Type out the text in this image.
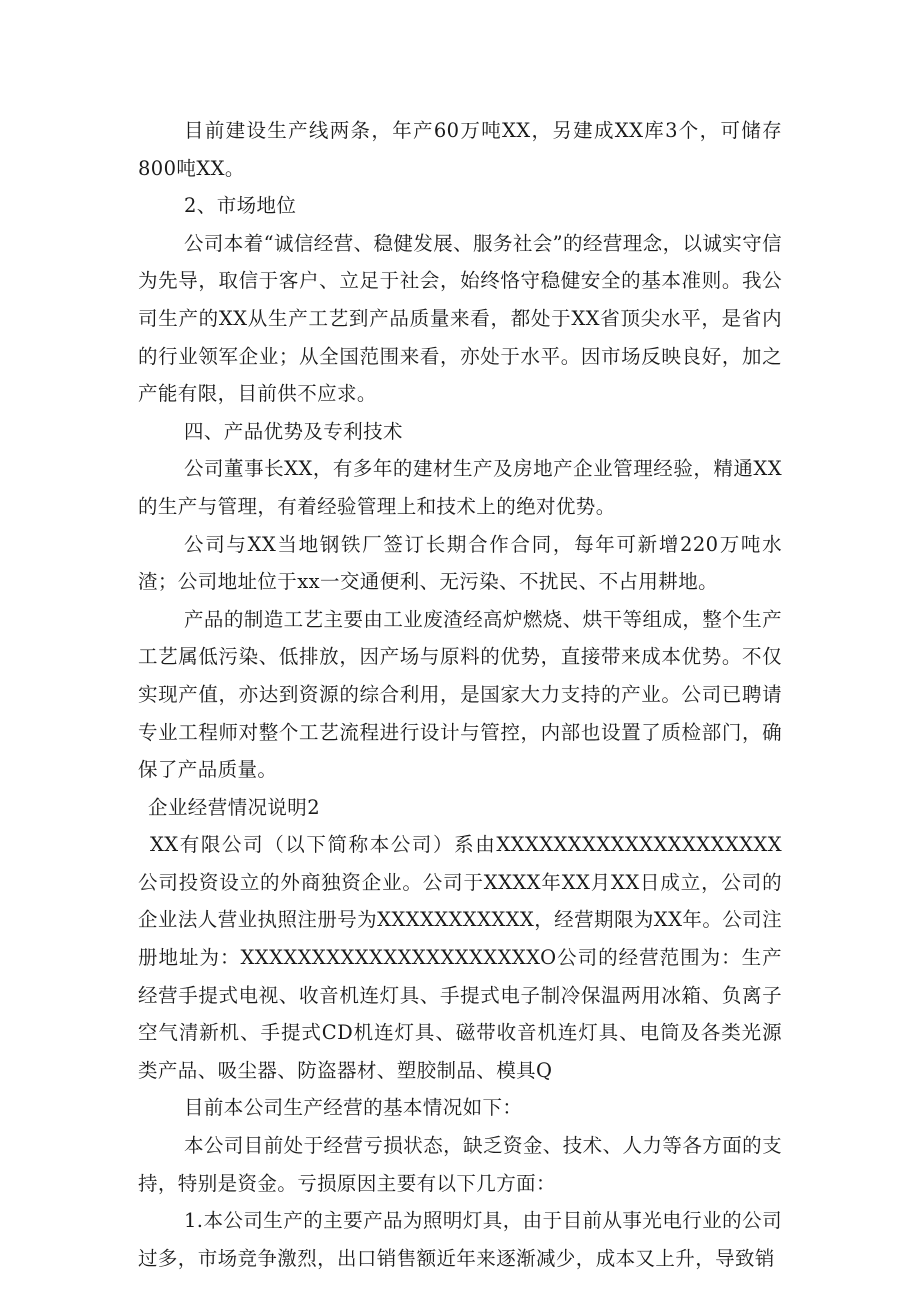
目前建设生产线两条，年产60万吨XX，另建成XX库3个，可储存800吨XX。

2、市场地位

公司本着“诚信经营、稳健发展、服务社会”的经营理念，以诚实守信为先导，取信于客户、立足于社会，始终恪守稳健安全的基本准则。我公司生产的XX从生产工艺到产品质量来看，都处于XX省顶尖水平，是省内的行业领军企业；从全国范围来看，亦处于水平。因市场反映良好，加之产能有限，目前供不应求。

四、产品优势及专利技术

公司董事长XX，有多年的建材生产及房地产企业管理经验，精通XX的生产与管理，有着经验管理上和技术上的绝对优势。

公司与XX当地钢铁厂签订长期合作合同，每年可新增220万吨水渣；公司地址位于xx一交通便利、无污染、不扰民、不占用耕地。

产品的制造工艺主要由工业废渣经高炉燃烧、烘干等组成，整个生产工艺属低污染、低排放，因产场与原料的优势，直接带来成本优势。不仅实现产值，亦达到资源的综合利用，是国家大力支持的产业。公司已聘请专业工程师对整个工艺流程进行设计与管控，内部也设置了质检部门，确保了产品质量。

企业经营情况说明2

XX有限公司（以下简称本公司）系由XXXXXXXXXXXXXXXXXXXX公司投资设立的外商独资企业。公司于XXXX年XX月XX日成立，公司的企业法人营业执照注册号为XXXXXXXXXXX，经营期限为XX年。公司注册地址为：XXXXXXXXXXXXXXXXXXXXXO公司的经营范围为：生产经营手提式电视、收音机连灯具、手提式电子制冷保温两用冰箱、负离子空气清新机、手提式CD机连灯具、磁带收音机连灯具、电筒及各类光源类产品、吸尘器、防盗器材、塑胶制品、模具Q

目前本公司生产经营的基本情况如下：

本公司目前处于经营亏损状态，缺乏资金、技术、人力等各方面的支持，特别是资金。亏损原因主要有以下几方面：

1.本公司生产的主要产品为照明灯具，由于目前从事光电行业的公司过多，市场竞争激烈，出口销售额近年来逐渐减少，成本又上升，导致销
